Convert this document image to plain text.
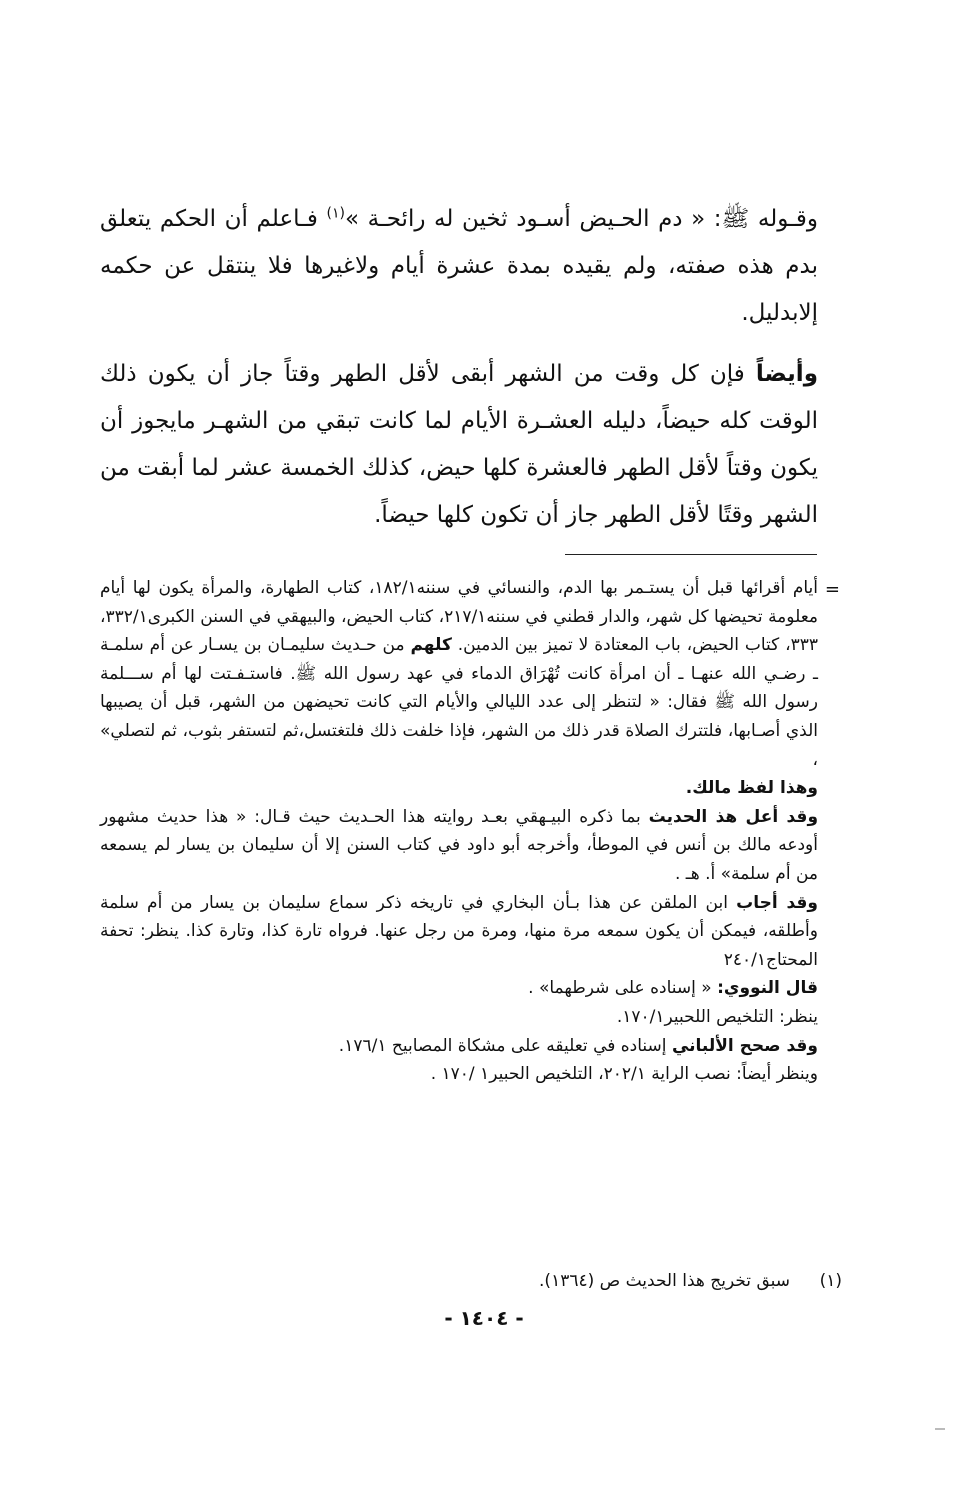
وقـوله ﷺ: « دم الحـيض أسـود ثخين له رائحـة »$^{(١)}$ فـاعلم أن الحكم يتعلق بدم هذه صفته، ولم يقيده بمدة عشرة أيام ولاغيرها فلا ينتقل عن حكمه إلابدليل.

وأيضاً فإن كل وقت من الشهر أبقى لأقل الطهر وقتاً جاز أن يكون ذلك الوقت كله حيضاً، دليله العشـرة الأيام لما كانت تبقي من الشهـر مايجوز أن يكون وقتاً لأقل الطهر فالعشرة كلها حيض، كذلك الخمسة عشر لما أبقت من الشهر وقتًا لأقل الطهر جاز أن تكون كلها حيضاً.

=

أيام أقرائها قبل أن يستـمر بها الدم، والنسائي في سننه١٨٢/١، كتاب الطهارة، والمرأة يكون لها أيام معلومة تحيضها كل شهر، والدار قطني في سننه٢١٧/١، كتاب الحيض، والبيهقي في السنن الكبرى٣٣٢/١، ٣٣٣، كتاب الحيض، باب المعتادة لا تميز بين الدمين. كلهم من حـديث سليمـان بن يسـار عن أم سلمـة ـ رضـي الله عنهـا ـ أن امرأة كانت تُهْرَاق الدماء في عهد رسول الله ﷺ. فاستـفـتت لها أم ســـلمة رسول الله ﷺ فقال: « لتنظر إلى عدد الليالي والأيام التي كانت تحيضهن من الشهر، قبل أن يصيبها الذي أصـابها، فلتترك الصلاة قدر ذلك من الشهر، فإذا خلفت ذلك فلتغتسل،ثم لتستفر بثوب، ثم لتصلي» ،

وهذا لفظ مالك.

وقد أعل هذ الحديث بما ذكره البيـهقي بعـد روايته هذا الحـديث حيث قـال: « هذا حديث مشهور أودعه مالك بن أنس في الموطأ، وأخرجه أبو داود في كتاب السنن إلا أن سليمان بن يسار لم يسمعه من أم سلمة» أ. هـ .

وقد أجاب ابن الملقن عن هذا بـأن البخاري في تاريخه ذكر سماع سليمان بن يسار من أم سلمة وأطلقه، فيمكن أن يكون سمعه مرة منها، ومرة من رجل عنها. فرواه تارة كذا، وتارة كذا. ينظر: تحفة المحتاج٢٤٠/١

قال النووي: « إسناده على شرطهما» .

ينظر: التلخيص اللحبير١٧٠/١.

وقد صحح الألباني إسناده في تعليقه على مشكاة المصابيح ١٧٦/١.

وينظر أيضاً: نصب الراية ٢٠٢/١، التلخيص الحبير١ /١٧٠ .

(١)
سبق تخريج هذا الحديث ص (١٣٦٤).
- ١٤٠٤ -
